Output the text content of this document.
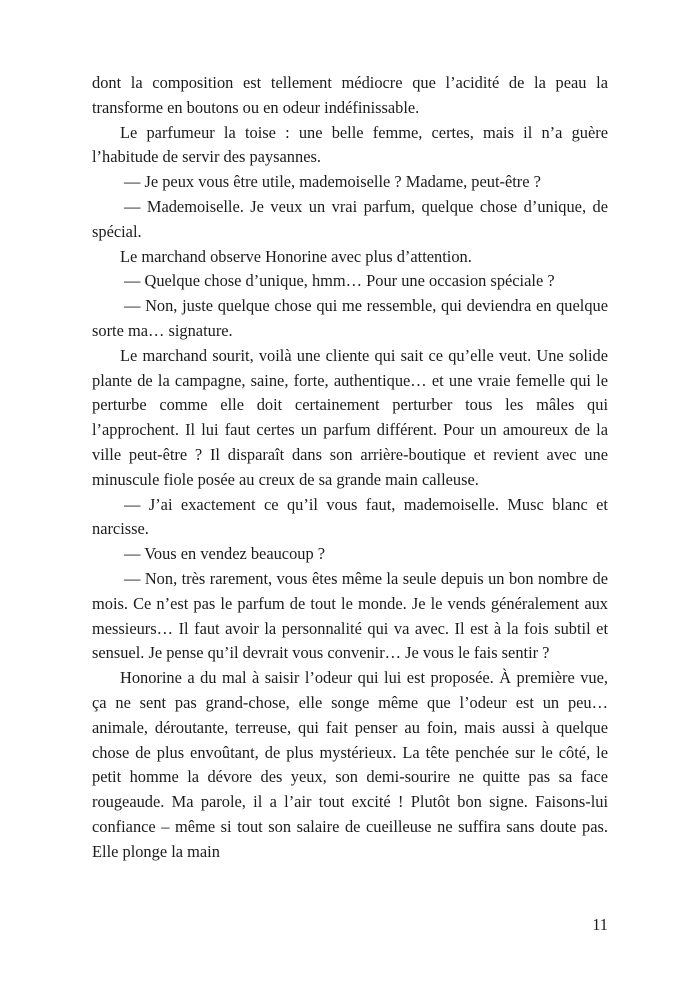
dont la composition est tellement médiocre que l’acidité de la peau la transforme en boutons ou en odeur indéfinissable.

Le parfumeur la toise : une belle femme, certes, mais il n’a guère l’habitude de servir des paysannes.

— Je peux vous être utile, mademoiselle ? Madame, peut-être ?

— Mademoiselle. Je veux un vrai parfum, quelque chose d’unique, de spécial.

Le marchand observe Honorine avec plus d’attention.

— Quelque chose d’unique, hmm… Pour une occasion spéciale ?

— Non, juste quelque chose qui me ressemble, qui deviendra en quelque sorte ma… signature.

Le marchand sourit, voilà une cliente qui sait ce qu’elle veut. Une solide plante de la campagne, saine, forte, authentique… et une vraie femelle qui le perturbe comme elle doit certainement perturber tous les mâles qui l’approchent. Il lui faut certes un parfum différent. Pour un amoureux de la ville peut-être ? Il disparaît dans son arrière-boutique et revient avec une minuscule fiole posée au creux de sa grande main calleuse.

— J’ai exactement ce qu’il vous faut, mademoiselle. Musc blanc et narcisse.

— Vous en vendez beaucoup ?

— Non, très rarement, vous êtes même la seule depuis un bon nombre de mois. Ce n’est pas le parfum de tout le monde. Je le vends généralement aux messieurs… Il faut avoir la personnalité qui va avec. Il est à la fois subtil et sensuel. Je pense qu’il devrait vous convenir… Je vous le fais sentir ?

Honorine a du mal à saisir l’odeur qui lui est proposée. À première vue, ça ne sent pas grand-chose, elle songe même que l’odeur est un peu… animale, déroutante, terreuse, qui fait penser au foin, mais aussi à quelque chose de plus envoûtant, de plus mystérieux. La tête penchée sur le côté, le petit homme la dévore des yeux, son demi-sourire ne quitte pas sa face rougeaude. Ma parole, il a l’air tout excité ! Plutôt bon signe. Faisons-lui confiance – même si tout son salaire de cueilleuse ne suffira sans doute pas. Elle plonge la main

11
